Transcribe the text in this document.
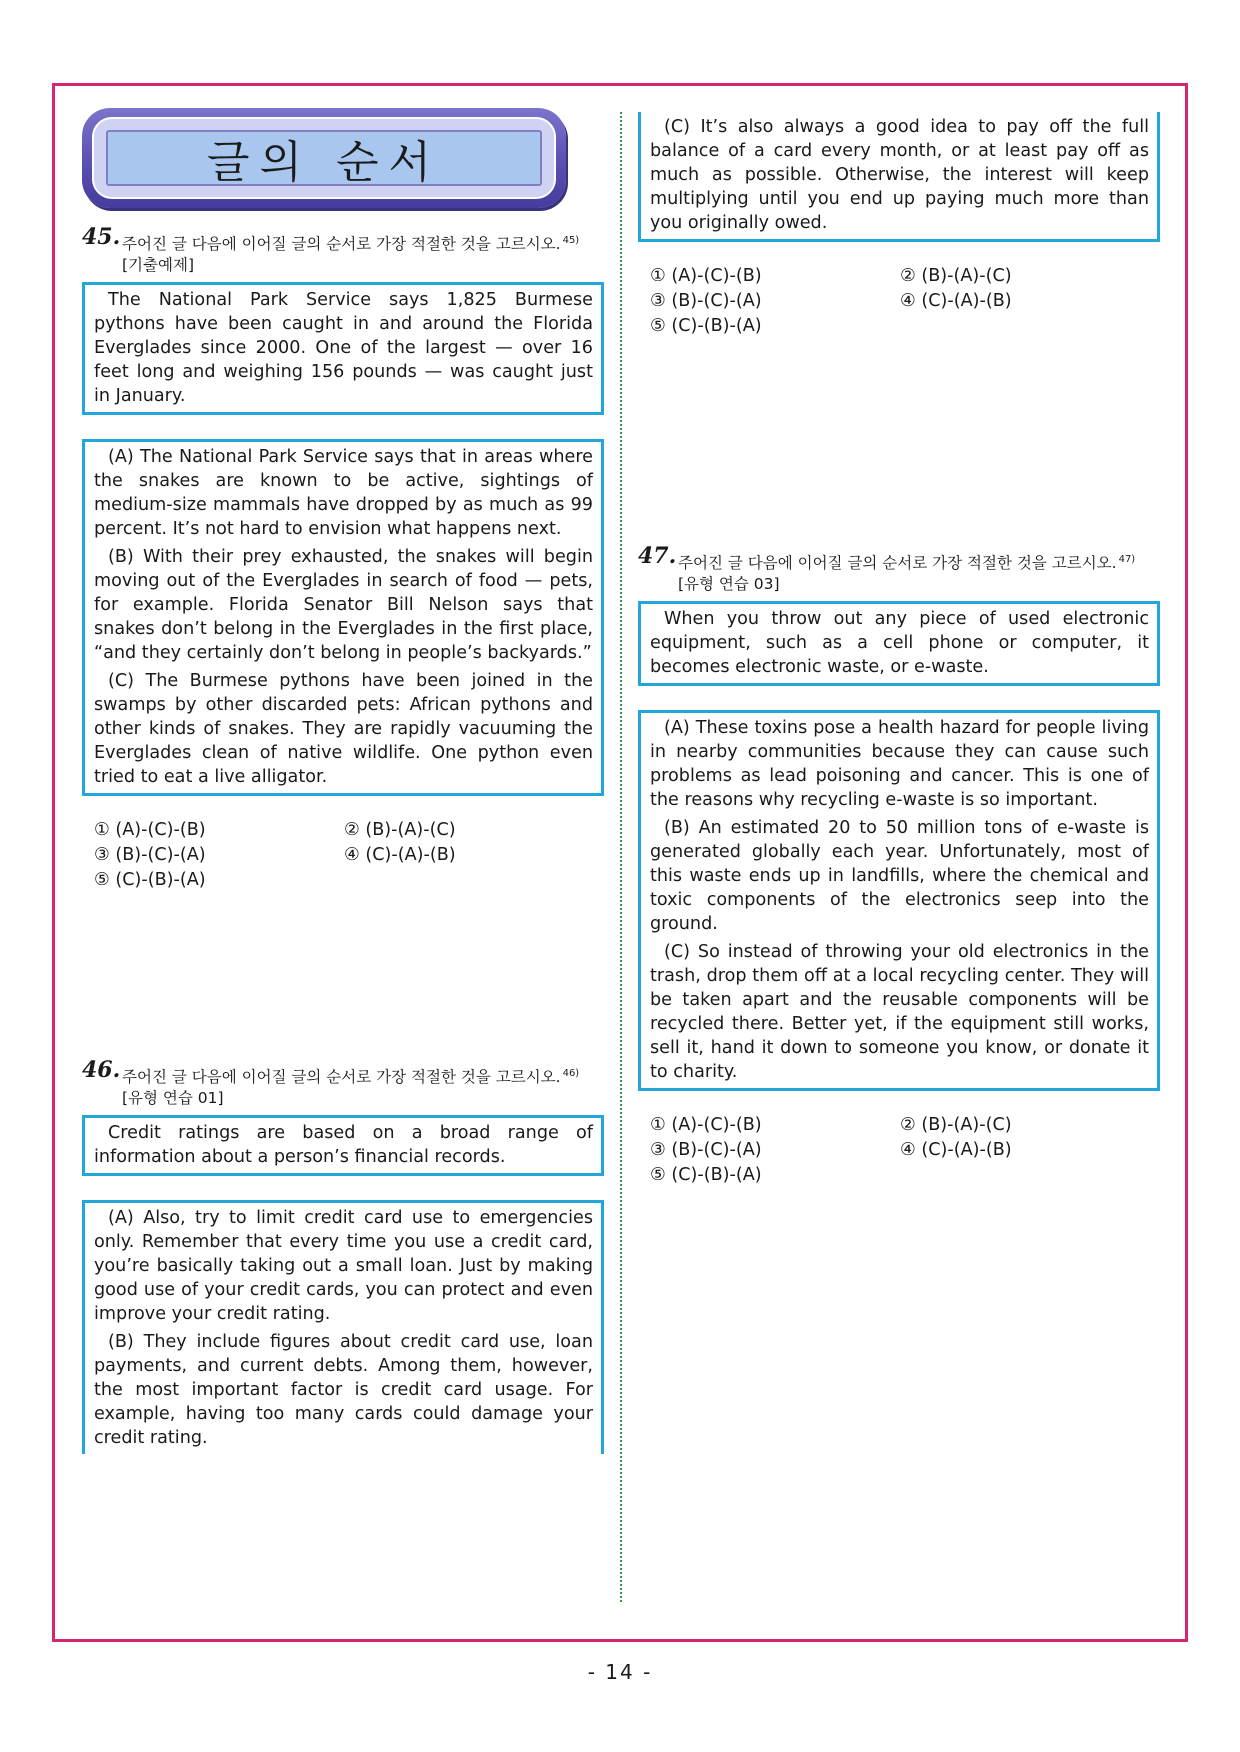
글의 순서
45. 주어진 글 다음에 이어질 글의 순서로 가장 적절한 것을 고르시오. $^{45)}$
[기출예제]

The National Park Service says 1,825 Burmese pythons have been caught in and around the Florida Everglades since 2000. One of the largest — over 16 feet long and weighing 156 pounds — was caught just in January.

(A) The National Park Service says that in areas where the snakes are known to be active, sightings of medium-size mammals have dropped by as much as 99 percent. It’s not hard to envision what happens next.

(B) With their prey exhausted, the snakes will begin moving out of the Everglades in search of food — pets, for example. Florida Senator Bill Nelson says that snakes don’t belong in the Everglades in the first place, “and they certainly don’t belong in people’s backyards.”

(C) The Burmese pythons have been joined in the swamps by other discarded pets: African pythons and other kinds of snakes. They are rapidly vacuuming the Everglades clean of native wildlife. One python even tried to eat a live alligator.

① (A)-(C)-(B)	② (B)-(A)-(C)
③ (B)-(C)-(A)	④ (C)-(A)-(B)
⑤ (C)-(B)-(A)
46. 주어진 글 다음에 이어질 글의 순서로 가장 적절한 것을 고르시오. $^{46)}$
[유형 연습 01]

Credit ratings are based on a broad range of information about a person’s financial records.

(A) Also, try to limit credit card use to emergencies only. Remember that every time you use a credit card, you’re basically taking out a small loan. Just by making good use of your credit cards, you can protect and even improve your credit rating.

(B) They include figures about credit card use, loan payments, and current debts. Among them, however, the most important factor is credit card usage. For example, having too many cards could damage your credit rating.

(C) It’s also always a good idea to pay off the full balance of a card every month, or at least pay off as much as possible. Otherwise, the interest will keep multiplying until you end up paying much more than you originally owed.

① (A)-(C)-(B)	② (B)-(A)-(C)
③ (B)-(C)-(A)	④ (C)-(A)-(B)
⑤ (C)-(B)-(A)
47. 주어진 글 다음에 이어질 글의 순서로 가장 적절한 것을 고르시오. $^{47)}$
[유형 연습 03]

When you throw out any piece of used electronic equipment, such as a cell phone or computer, it becomes electronic waste, or e-waste.

(A) These toxins pose a health hazard for people living in nearby communities because they can cause such problems as lead poisoning and cancer. This is one of the reasons why recycling e-waste is so important.

(B) An estimated 20 to 50 million tons of e-waste is generated globally each year. Unfortunately, most of this waste ends up in landfills, where the chemical and toxic components of the electronics seep into the ground.

(C) So instead of throwing your old electronics in the trash, drop them off at a local recycling center. They will be taken apart and the reusable components will be recycled there. Better yet, if the equipment still works, sell it, hand it down to someone you know, or donate it to charity.

① (A)-(C)-(B)	② (B)-(A)-(C)
③ (B)-(C)-(A)	④ (C)-(A)-(B)
⑤ (C)-(B)-(A)
- 14 -
